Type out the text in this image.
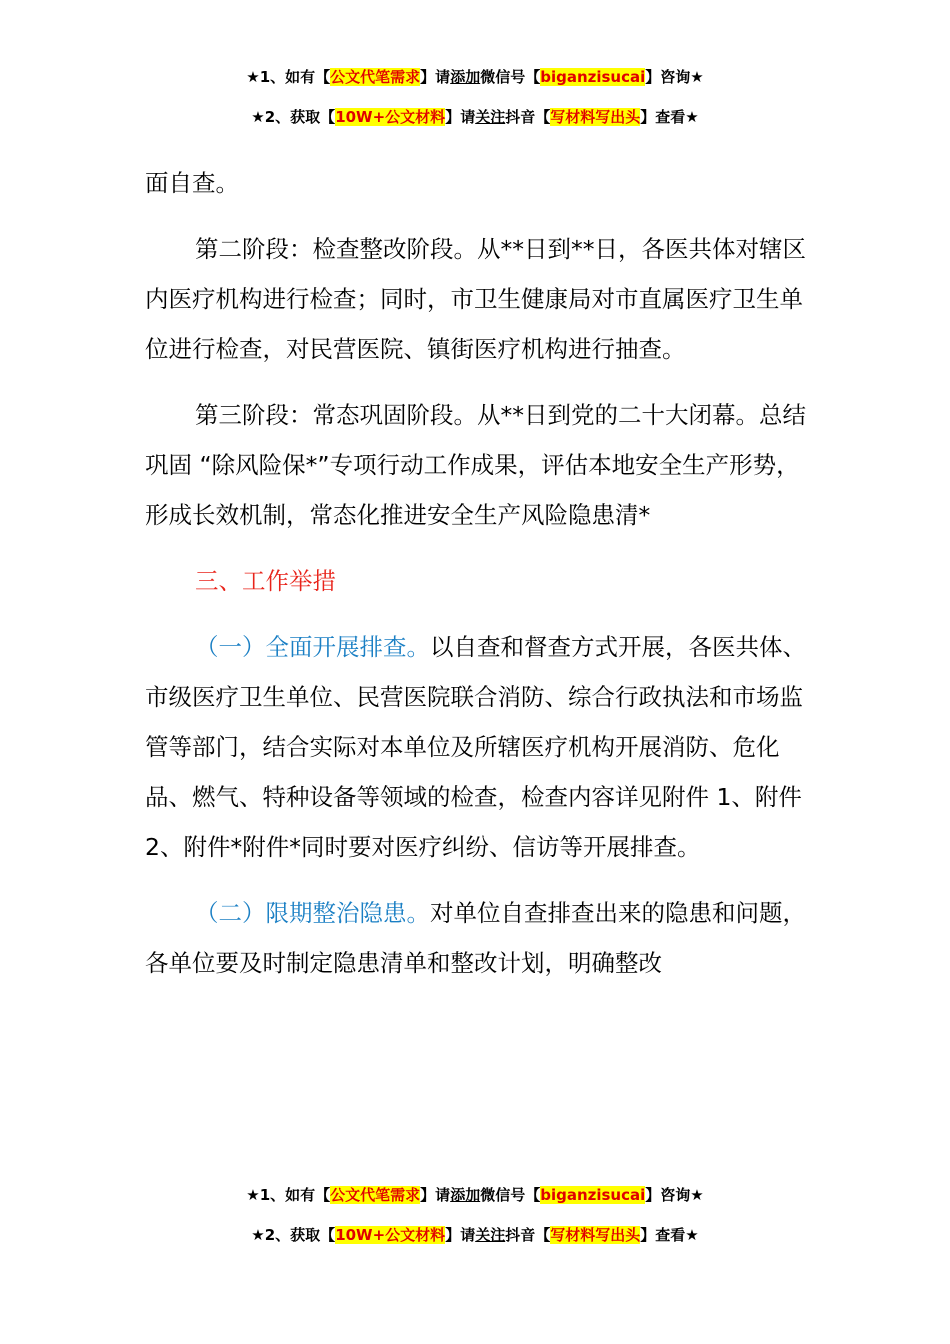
★1、如有【公文代笔需求】请添加微信号【biganzisucai】咨询★
★2、获取【10W+公文材料】请关注抖音【写材料写出头】查看★

面自查。

第二阶段：检查整改阶段。从**日到**日，各医共体对辖区内医疗机构进行检查；同时，市卫生健康局对市直属医疗卫生单位进行检查，对民营医院、镇街医疗机构进行抽查。

第三阶段：常态巩固阶段。从**日到党的二十大闭幕。总结巩固 “除风险保*”专项行动工作成果，评估本地安全生产形势，形成长效机制，常态化推进安全生产风险隐患清*

三、工作举措

（一）全面开展排查。以自查和督查方式开展，各医共体、市级医疗卫生单位、民营医院联合消防、综合行政执法和市场监管等部门，结合实际对本单位及所辖医疗机构开展消防、危化品、燃气、特种设备等领域的检查，检查内容详见附件 1、附件 2、附件*附件*同时要对医疗纠纷、信访等开展排查。

（二）限期整治隐患。对单位自查排查出来的隐患和问题，各单位要及时制定隐患清单和整改计划，明确整改

★1、如有【公文代笔需求】请添加微信号【biganzisucai】咨询★
★2、获取【10W+公文材料】请关注抖音【写材料写出头】查看★
